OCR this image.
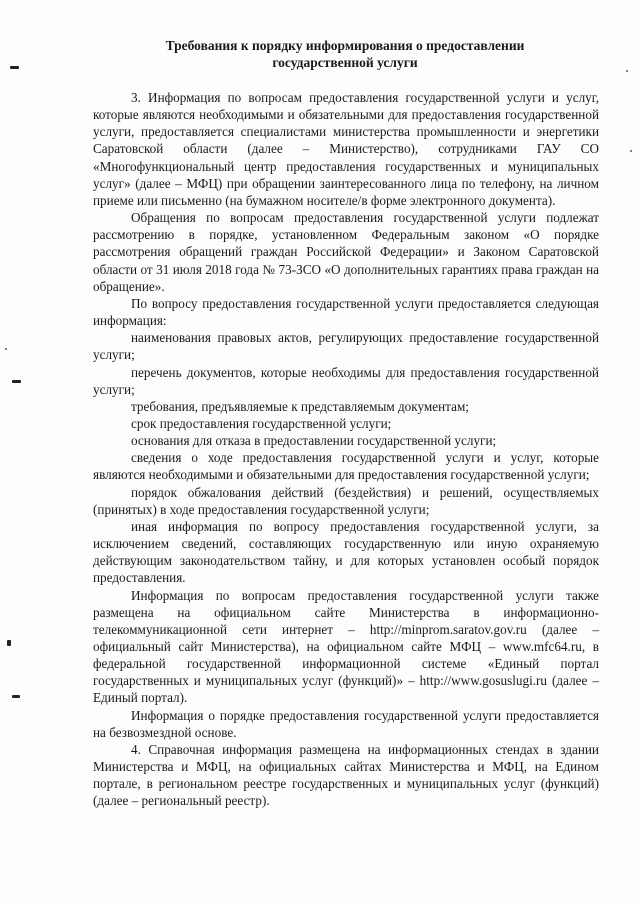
Требования к порядку информирования о предоставлении
государственной услуги

3. Информация по вопросам предоставления государственной услуги и услуг, которые являются необходимыми и обязательными для предоставления государственной услуги, предоставляется специалистами министерства промышленности и энергетики Саратовской области (далее – Министерство), сотрудниками ГАУ СО «Многофункциональный центр предоставления государственных и муниципальных услуг» (далее – МФЦ) при обращении заинтересованного лица по телефону, на личном приеме или письменно (на бумажном носителе/в форме электронного документа).

Обращения по вопросам предоставления государственной услуги подлежат рассмотрению в порядке, установленном Федеральным законом «О порядке рассмотрения обращений граждан Российской Федерации» и Законом Саратовской области от 31 июля 2018 года № 73-ЗСО «О дополнительных гарантиях права граждан на обращение».

По вопросу предоставления государственной услуги предоставляется следующая информация:

наименования правовых актов, регулирующих предоставление государственной услуги;

перечень документов, которые необходимы для предоставления государственной услуги;

требования, предъявляемые к представляемым документам;

срок предоставления государственной услуги;

основания для отказа в предоставлении государственной услуги;

сведения о ходе предоставления государственной услуги и услуг, которые являются необходимыми и обязательными для предоставления государственной услуги;

порядок обжалования действий (бездействия) и решений, осуществляемых (принятых) в ходе предоставления государственной услуги;

иная информация по вопросу предоставления государственной услуги, за исключением сведений, составляющих государственную или иную охраняемую действующим законодательством тайну, и для которых установлен особый порядок предоставления.

Информация по вопросам предоставления государственной услуги также размещена на официальном сайте Министерства в информационно-телекоммуникационной сети интернет – http://minprom.saratov.gov.ru (далее – официальный сайт Министерства), на официальном сайте МФЦ – www.mfc64.ru, в федеральной государственной информационной системе «Единый портал государственных и муниципальных услуг (функций)» – http://www.gosuslugi.ru (далее – Единый портал).

Информация о порядке предоставления государственной услуги предоставляется на безвозмездной основе.

4. Справочная информация размещена на информационных стендах в здании Министерства и МФЦ, на официальных сайтах Министерства и МФЦ, на Едином портале, в региональном реестре государственных и муниципальных услуг (функций) (далее – региональный реестр).
